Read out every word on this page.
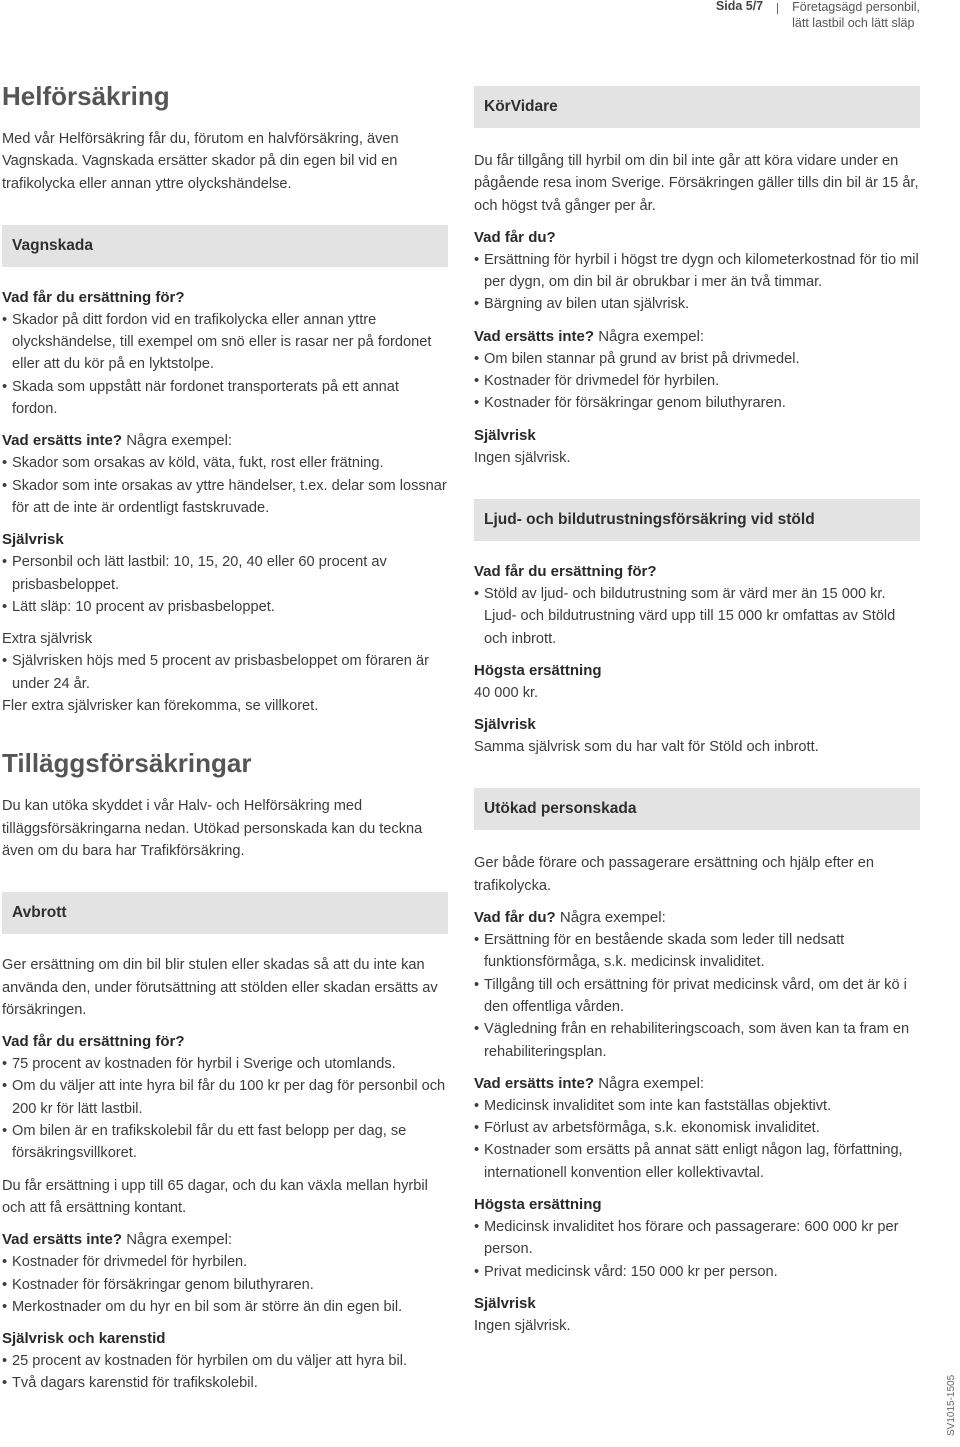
Sida 5/7	Företagsägd personbil,
lätt lastbil och lätt släp
Helförsäkring

Med vår Helförsäkring får du, förutom en halvförsäkring, även Vagnskada. Vagnskada ersätter skador på din egen bil vid en trafikolycka eller annan yttre olyckshändelse.

Vagnskada
Vad får du ersättning för?
• Skador på ditt fordon vid en trafikolycka eller annan yttre olyckshändelse, till exempel om snö eller is rasar ner på fordonet eller att du kör på en lyktstolpe.
• Skada som uppstått när fordonet transporterats på ett annat fordon.
Vad ersätts inte? Några exempel:
• Skador som orsakas av köld, väta, fukt, rost eller frätning.
• Skador som inte orsakas av yttre händelser, t.ex. delar som lossnar för att de inte är ordentligt fastskruvade.
Självrisk
• Personbil och lätt lastbil: 10, 15, 20, 40 eller 60 procent av prisbasbeloppet.
• Lätt släp: 10 procent av prisbasbeloppet.

Extra självrisk

• Självrisken höjs med 5 procent av prisbasbeloppet om föraren är under 24 år.

Fler extra självrisker kan förekomma, se villkoret.

Tilläggsförsäkringar

Du kan utöka skyddet i vår Halv- och Helförsäkring med tilläggsförsäkringarna nedan. Utökad personskada kan du teckna även om du bara har Trafikförsäkring.

Avbrott

Ger ersättning om din bil blir stulen eller skadas så att du inte kan använda den, under förutsättning att stölden eller skadan ersätts av försäkringen.

Vad får du ersättning för?
• 75 procent av kostnaden för hyrbil i Sverige och utomlands.
• Om du väljer att inte hyra bil får du 100 kr per dag för personbil och 200 kr för lätt lastbil.
• Om bilen är en trafikskolebil får du ett fast belopp per dag, se försäkringsvillkoret.

Du får ersättning i upp till 65 dagar, och du kan växla mellan hyrbil och att få ersättning kontant.

Vad ersätts inte? Några exempel:
• Kostnader för drivmedel för hyrbilen.
• Kostnader för försäkringar genom biluthyraren.
• Merkostnader om du hyr en bil som är större än din egen bil.
Självrisk och karenstid
• 25 procent av kostnaden för hyrbilen om du väljer att hyra bil.
• Två dagars karenstid för trafikskolebil.
KörVidare

Du får tillgång till hyrbil om din bil inte går att köra vidare under en pågående resa inom Sverige. Försäkringen gäller tills din bil är 15 år, och högst två gånger per år.

Vad får du?
• Ersättning för hyrbil i högst tre dygn och kilometerkostnad för tio mil per dygn, om din bil är obrukbar i mer än två timmar.
• Bärgning av bilen utan självrisk.
Vad ersätts inte? Några exempel:
• Om bilen stannar på grund av brist på drivmedel.
• Kostnader för drivmedel för hyrbilen.
• Kostnader för försäkringar genom biluthyraren.
Självrisk

Ingen självrisk.

Ljud- och bildutrustningsförsäkring vid stöld
Vad får du ersättning för?
• Stöld av ljud- och bildutrustning som är värd mer än 15 000 kr. Ljud- och bildutrustning värd upp till 15 000 kr omfattas av Stöld och inbrott.
Högsta ersättning

40 000 kr.

Självrisk

Samma självrisk som du har valt för Stöld och inbrott.

Utökad personskada

Ger både förare och passagerare ersättning och hjälp efter en trafikolycka.

Vad får du? Några exempel:
• Ersättning för en bestående skada som leder till nedsatt funktionsförmåga, s.k. medicinsk invaliditet.
• Tillgång till och ersättning för privat medicinsk vård, om det är kö i den offentliga vården.
• Vägledning från en rehabiliteringscoach, som även kan ta fram en rehabiliteringsplan.
Vad ersätts inte? Några exempel:
• Medicinsk invaliditet som inte kan fastställas objektivt.
• Förlust av arbetsförmåga, s.k. ekonomisk invaliditet.
• Kostnader som ersätts på annat sätt enligt någon lag, författning, internationell konvention eller kollektivavtal.
Högsta ersättning
• Medicinsk invaliditet hos förare och passagerare: 600 000 kr per person.
• Privat medicinsk vård: 150 000 kr per person.
Självrisk

Ingen självrisk.

SV1015-1505
